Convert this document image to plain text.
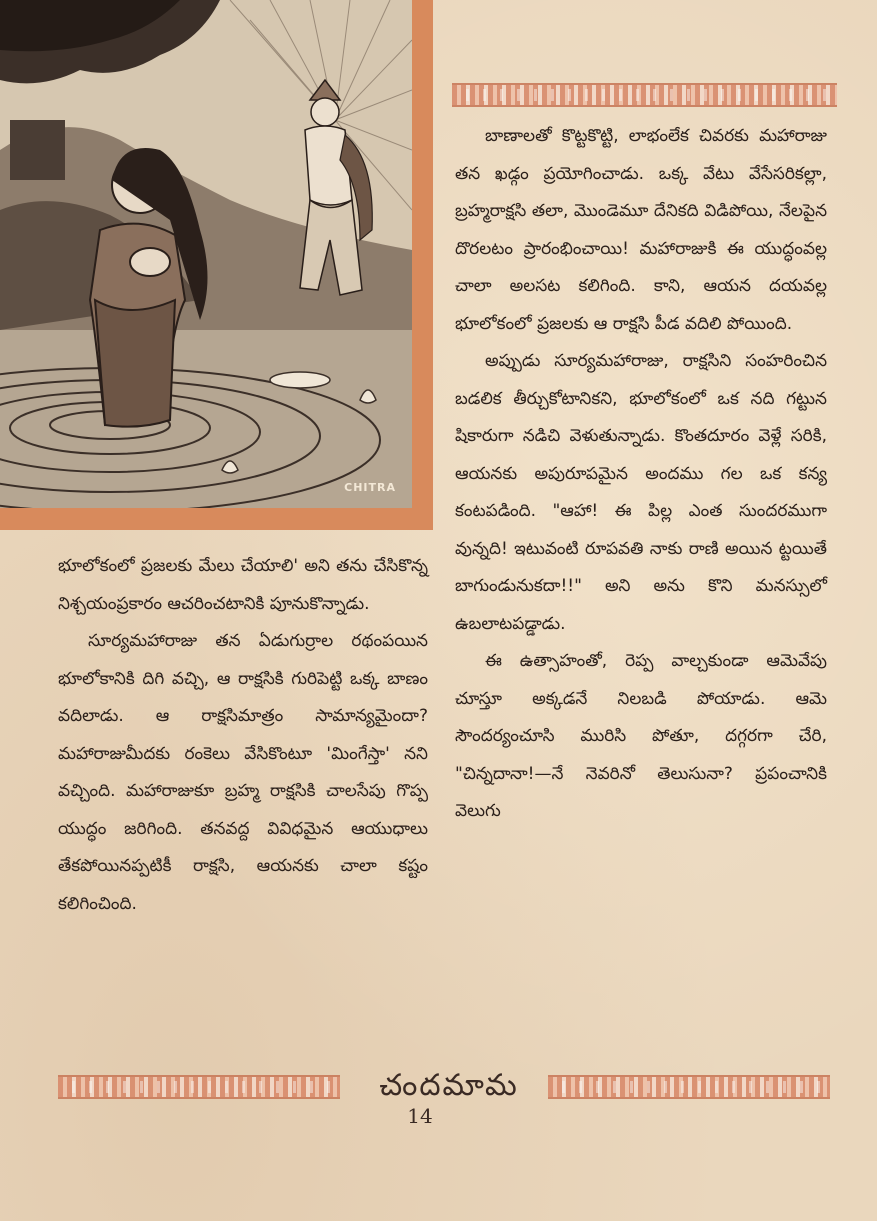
CHITRA

బాణాలతో కొట్టకొట్టి, లాభంలేక చివరకు మహారాజు తన ఖడ్గం ప్రయోగించాడు. ఒక్క వేటు వేసేసరికల్లా, బ్రహ్మరాక్షసి తలా, మొండెమూ దేనికది విడిపోయి, నేలపైన దొరలటం ప్రారంభించాయి! మహారాజుకి ఈ యుద్ధంవల్ల చాలా అలసట కలిగింది. కాని, ఆయన దయవల్ల భూలోకంలో ప్రజలకు ఆ రాక్షసి పీడ వదిలి పోయింది.

అప్పుడు సూర్యమహారాజు, రాక్షసిని సంహరించిన బడలిక తీర్చుకోటానికని, భూలోకంలో ఒక నది గట్టున షికారుగా నడిచి వెళుతున్నాడు. కొంతదూరం వెళ్లే సరికి, ఆయనకు అపురూపమైన అందము గల ఒక కన్య కంటపడింది. "ఆహా! ఈ పిల్ల ఎంత సుందరముగా వున్నది! ఇటువంటి రూపవతి నాకు రాణి అయిన ట్టయితే బాగుండునుకదా!!" అని అను కొని మనస్సులో ఉబలాటపడ్డాడు.

ఈ ఉత్సాహంతో, రెప్ప వాల్చకుండా ఆమెవేపు చూస్తూ అక్కడనే నిలబడి పోయాడు. ఆమె సౌందర్యంచూసి మురిసి పోతూ, దగ్గరగా చేరి, "చిన్నదానా!—నే నెవరినో తెలుసునా? ప్రపంచానికి వెలుగు

భూలోకంలో ప్రజలకు మేలు చేయాలి' అని తను చేసికొన్న నిశ్చయంప్రకారం ఆచరించటానికి పూనుకొన్నాడు.

సూర్యమహారాజు తన ఏడుగుర్రాల రథంపయిన భూలోకానికి దిగి వచ్చి, ఆ రాక్షసికి గురిపెట్టి ఒక్క బాణం వదిలాడు. ఆ రాక్షసిమాత్రం సామాన్యమైందా? మహారాజుమీదకు రంకెలు వేసికొంటూ 'మింగేస్తా' నని వచ్చింది. మహారాజుకూ బ్రహ్మ రాక్షసికి చాలసేపు గొప్ప యుద్ధం జరిగింది. తనవద్ద వివిధమైన ఆయుధాలు తేకపోయినప్పటికీ రాక్షసి, ఆయనకు చాలా కష్టం కలిగించింది.

చందమామ
14
